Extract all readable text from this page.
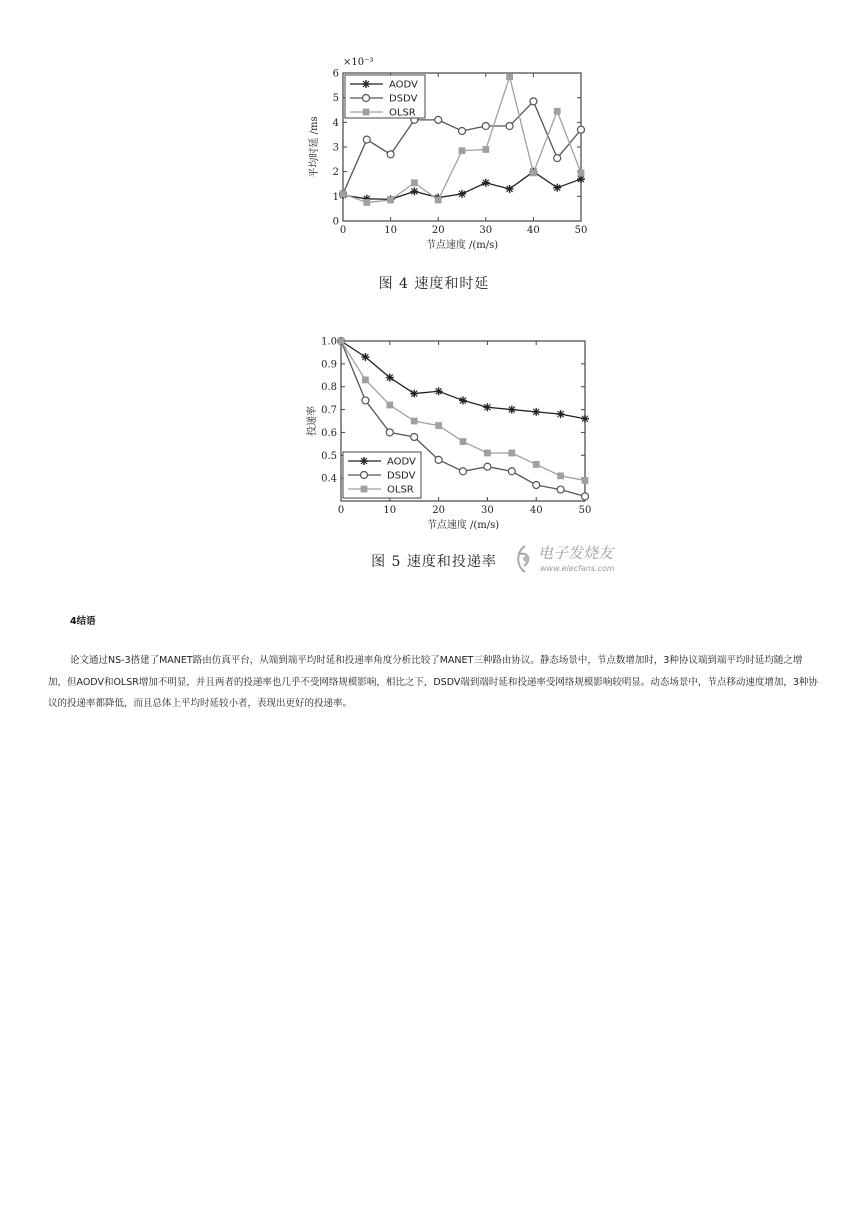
0	10	20	30	40	50
0
1
2
3
4
5
6
节点速度 /(m/s)
平均时延 /ms
AODV
DSDV
OLSR
×10⁻³
图 4 速度和时延
0	10	20	30	40	50
0.4
0.5
0.6
0.7
0.8
0.9
1.0
节点速度 /(m/s)
投递率
AODV
DSDV
OLSR
图 5 速度和投递率	电子发烧友
www.elecfans.com
4结语
论文通过NS-3搭建了MANET路由仿真平台，从端到端平均时延和投递率角度分析比较了MANET三种路由协议。静态场景中，节点数增加时，3种协议端到端平均时延均随之增加，但AODV和OLSR增加不明显，并且两者的投递率也几乎不受网络规模影响，相比之下，DSDV端到端时延和投递率受网络规模影响较明显。动态场景中，节点移动速度增加，3种协议的投递率都降低，而且总体上平均时延较小者，表现出更好的投递率。
